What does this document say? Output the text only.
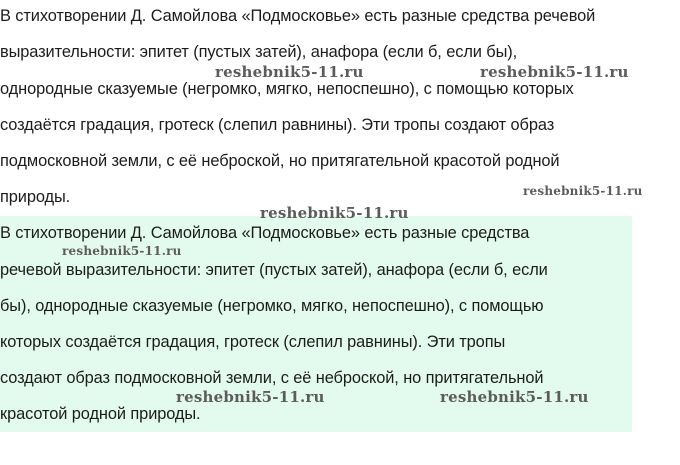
В стихотворении Д. Самойлова «Подмосковье» есть разные средства речевой
выразительности: эпитет (пустых затей), анафора (если б, если бы),
однородные сказуемые (негромко, мягко, непоспешно), с помощью которых
создаётся градация, гротеск (слепил равнины). Эти тропы создают образ
подмосковной земли, с её неброской, но притягательной красотой родной
природы.
В стихотворении Д. Самойлова «Подмосковье» есть разные средства
речевой выразительности: эпитет (пустых затей), анафора (если б, если
бы), однородные сказуемые (негромко, мягко, непоспешно), с помощью
которых создаётся градация, гротеск (слепил равнины). Эти тропы
создают образ подмосковной земли, с её неброской, но притягательной
красотой родной природы.
reshebnik5-11.ru	reshebnik5-11.ru
reshebnik5-11.ru
reshebnik5-11.ru
reshebnik5-11.ru
reshebnik5-11.ru	reshebnik5-11.ru
